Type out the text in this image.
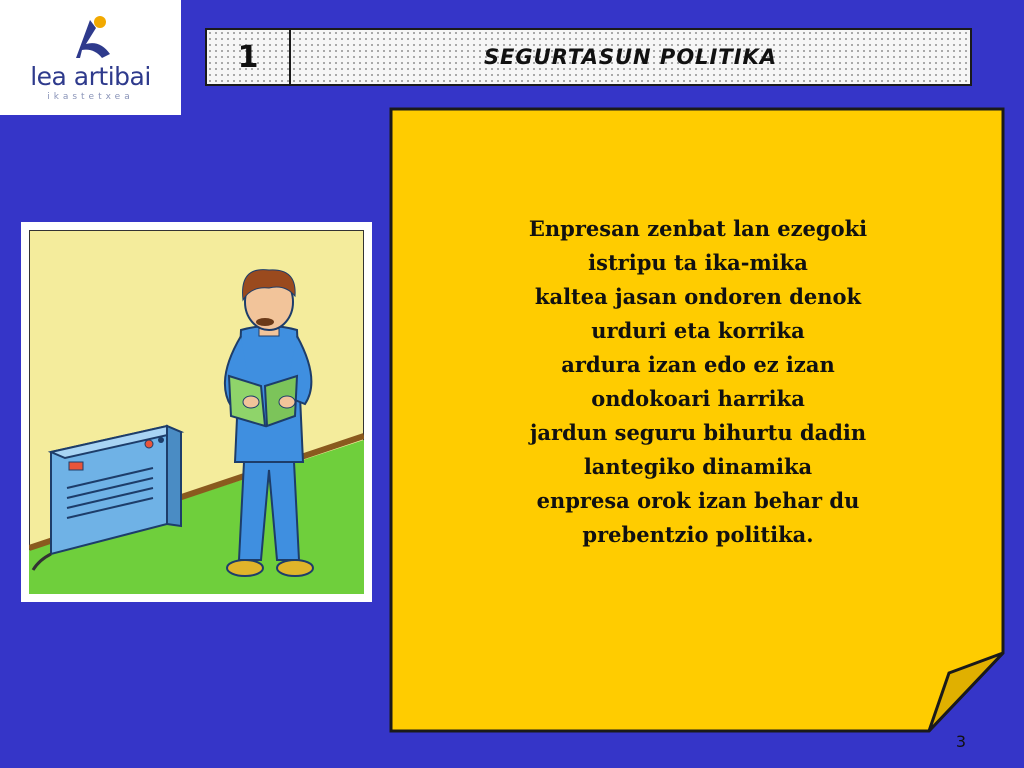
lea artibai
ikastetxea
1	SEGURTASUN POLITIKA
Enpresan zenbat lan ezegoki
istripu ta ika-mika
kaltea jasan ondoren denok
urduri eta korrika
ardura izan edo ez izan
ondokoari harrika
jardun seguru bihurtu dadin
lantegiko dinamika
enpresa orok izan behar du
prebentzio politika.
3
